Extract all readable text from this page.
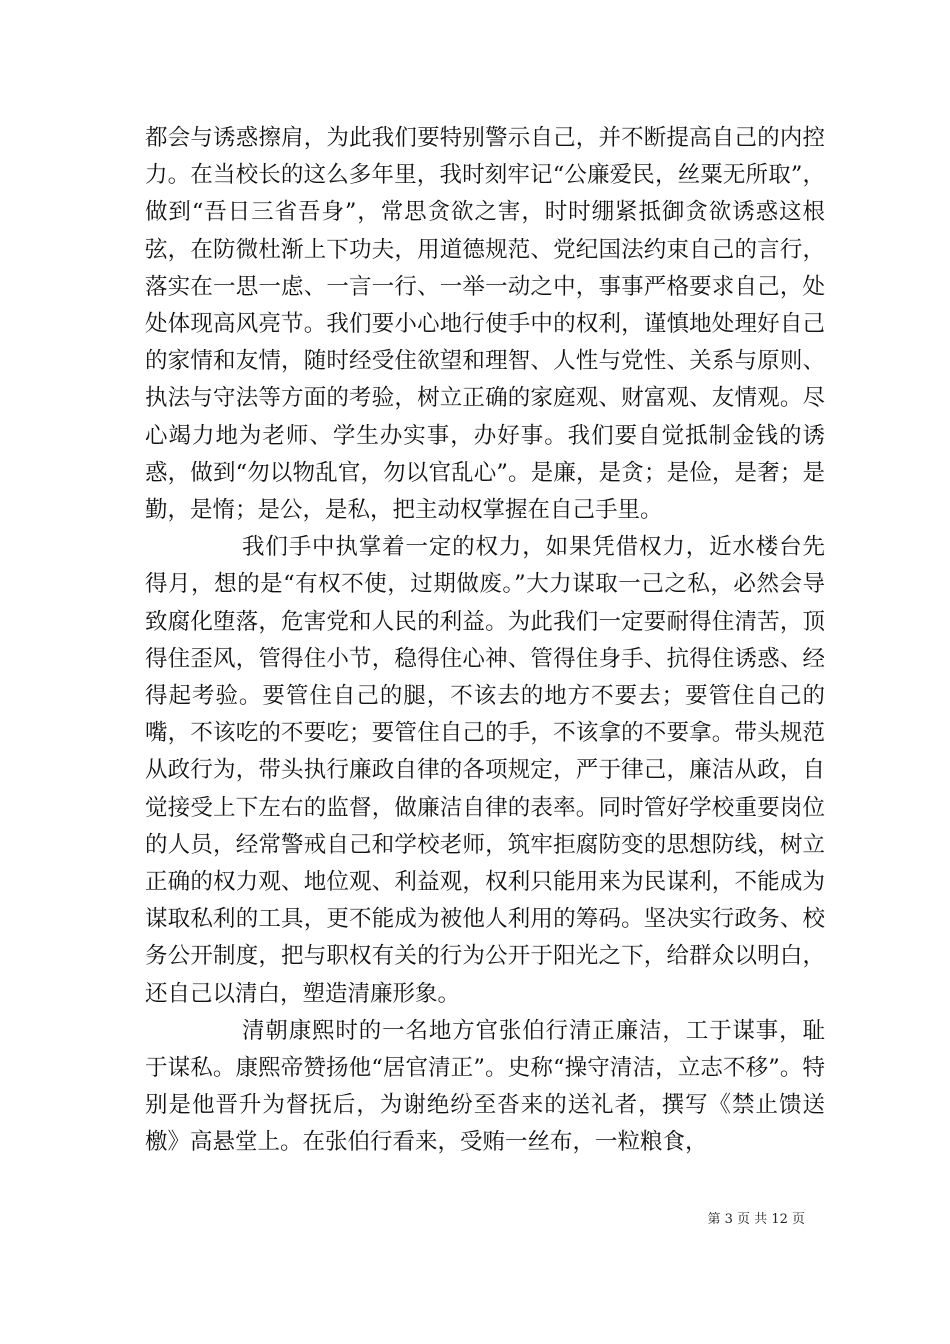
都会与诱惑擦肩，为此我们要特别警示自己，并不断提高自己的内控力。在当校长的这么多年里，我时刻牢记“公廉爱民，丝粟无所取”，做到“吾日三省吾身”，常思贪欲之害，时时绷紧抵御贪欲诱惑这根弦，在防微杜渐上下功夫，用道德规范、党纪国法约束自己的言行，落实在一思一虑、一言一行、一举一动之中，事事严格要求自己，处处体现高风亮节。我们要小心地行使手中的权利，谨慎地处理好自己的家情和友情，随时经受住欲望和理智、人性与党性、关系与原则、执法与守法等方面的考验，树立正确的家庭观、财富观、友情观。尽心竭力地为老师、学生办实事，办好事。我们要自觉抵制金钱的诱惑，做到“勿以物乱官，勿以官乱心”。是廉，是贪；是俭，是奢；是勤，是惰；是公，是私，把主动权掌握在自己手里。

我们手中执掌着一定的权力，如果凭借权力，近水楼台先得月，想的是“有权不使，过期做废。”大力谋取一己之私，必然会导致腐化堕落，危害党和人民的利益。为此我们一定要耐得住清苦，顶得住歪风，管得住小节，稳得住心神、管得住身手、抗得住诱惑、经得起考验。要管住自己的腿，不该去的地方不要去；要管住自己的嘴，不该吃的不要吃；要管住自己的手，不该拿的不要拿。带头规范从政行为，带头执行廉政自律的各项规定，严于律己，廉洁从政，自觉接受上下左右的监督，做廉洁自律的表率。同时管好学校重要岗位的人员，经常警戒自己和学校老师，筑牢拒腐防变的思想防线，树立正确的权力观、地位观、利益观，权利只能用来为民谋利，不能成为谋取私利的工具，更不能成为被他人利用的筹码。坚决实行政务、校务公开制度，把与职权有关的行为公开于阳光之下，给群众以明白，还自己以清白，塑造清廉形象。

清朝康熙时的一名地方官张伯行清正廉洁，工于谋事，耻于谋私。康熙帝赞扬他“居官清正”。史称“操守清洁，立志不移”。特别是他晋升为督抚后，为谢绝纷至沓来的送礼者，撰写《禁止馈送檄》高悬堂上。在张伯行看来，受贿一丝布，一粒粮食，

第 3 页 共 12 页
